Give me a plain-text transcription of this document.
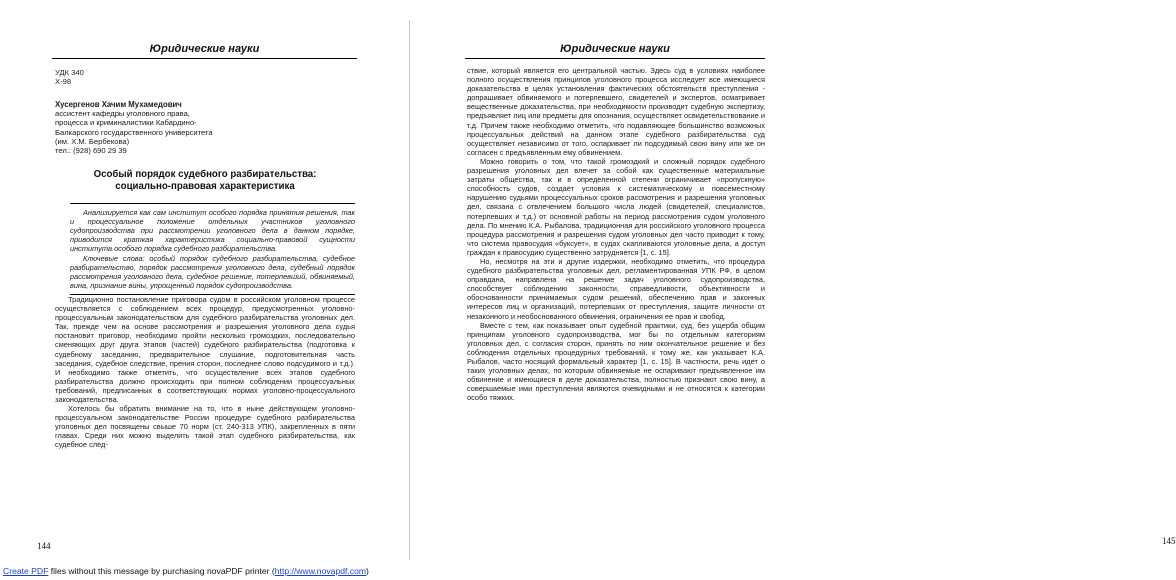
Юридические науки
УДК 340
Х-98
Хусергенов Хачим Мухамедович
ассистент кафедры уголовного права,
процесса и криминалистики Кабардино-
Балкарского государственного университета
(им. Х.М. Бербекова)
тел.: (928) 690 29 39
Особый порядок судебного разбирательства:
социально-правовая характеристика

Анализируется как сам институт особого порядка принятия решения, так и процессуальное положение отдельных участников уголовного судопроизводства при рассмотрении уголовного дела в данном порядке, приводится краткая характеристика социально-правовой сущности института особого порядка судебного разбирательства.

Ключевые слова: особый порядок судебного разбирательства, судебное разбирательство, порядок рассмотрения уголовного дела, судебный порядок рассмотрения уголовного дела, судебное решение, потерпевший, обвиняемый, вина, признание вины, упрощенный порядок судопроизводства.

Традиционно постановление приговора судом в российском уголовном процессе осуществляется с соблюдением всех процедур, предусмотренных уголовно-процессуальным законодательством для судебного разбирательства уголовных дел. Так, прежде чем на основе рассмотрения и разрешения уголовного дела судья постановит приговор, необходимо пройти несколько громоздких, последовательно сменяющих друг друга этапов (частей) судебного разбирательства (подготовка к судебному заседанию, предварительное слушание, подготовительная часть заседания, судебное следствие, прения сторон, последнее слово подсудимого и т.д.). И необходимо также отметить, что осуществление всех этапов судебного разбирательства должно происходить при полном соблюдении процессуальных требований, предписанных в соответствующих нормах уголовно-процессуального законодательства.

Хотелось бы обратить внимание на то, что в ныне действующем уголовно-процессуальном законодательстве России процедуре судебного разбирательства уголовных дел посвящены свыше 70 норм (ст. 240-313 УПК), закрепленных в пяти главах. Среди них можно выделить такой этап судебного разбирательства, как судебное след-

144
Юридические науки

ствие, который является его центральной частью. Здесь суд в условиях наиболее полного осуществления принципов уголовного процесса исследует все имеющиеся доказательства в целях установления фактических обстоятельств преступления - допрашивает обвиняемого и потерпевшего, свидетелей и экспертов, осматривает вещественные доказательства, при необходимости производит судебную экспертизу, предъявляет лиц или предметы для опознания, осуществляет освидетельствование и т.д. Причем также необходимо отметить, что подавляющее большинство возможных процессуальных действий на данном этапе судебного разбирательства суд осуществляет независимо от того, оспаривает ли подсудимый свою вину или же он согласен с предъявленным ему обвинением.

Можно говорить о том, что такой громоздкий и сложный порядок судебного разрешения уголовных дел влечет за собой как существенные материальные затраты общества, так и в определенной степени ограничивает «пропускную» способность судов, создает условия к систематическому и повсеместному нарушению судьями процессуальных сроков рассмотрения и разрешения уголовных дел, связана с отвлечением большого числа людей (свидетелей, специалистов, потерпевших и т.д.) от основной работы на период рассмотрения судом уголовного дела. По мнению К.А. Рыбалова, традиционная для российского уголовного процесса процедура рассмотрения и разрешения судом уголовных дел часто приводит к тому, что система правосудия «буксует», в судах скапливаются уголовные дела, а доступ граждан к правосудию существенно затрудняется [1, с. 15].

Но, несмотря на эти и другие издержки, необходимо отметить, что процедура судебного разбирательства уголовных дел, регламентированная УПК РФ, в целом оправдана, направлена на решение задач уголовного судопроизводства, способствует соблюдению законности, справедливости, объективности и обоснованности принимаемых судом решений, обеспечению прав и законных интересов лиц и организаций, потерпевших от преступления, защите личности от незаконного и необоснованного обвинения, ограничения ее прав и свобод.

Вместе с тем, как показывает опыт судебной практики, суд, без ущерба общим принципам уголовного судопроизводства, мог бы по отдельным категориям уголовных дел, с согласия сторон, принять по ним окончательное решение и без соблюдения отдельных процедурных требований, к тому же, как указывает К.А. Рыбалов, часто носящий формальный характер [1, с. 15]. В частности, речь идет о таких уголовных делах, по которым обвиняемые не оспаривают предъявленное им обвинение и имеющиеся в деле доказательства, полностью признают свою вину, а совершаемые ими преступления являются очевидными и не относятся к категории особо тяжких.

145
Create PDF files without this message by purchasing novaPDF printer (http://www.novapdf.com)
